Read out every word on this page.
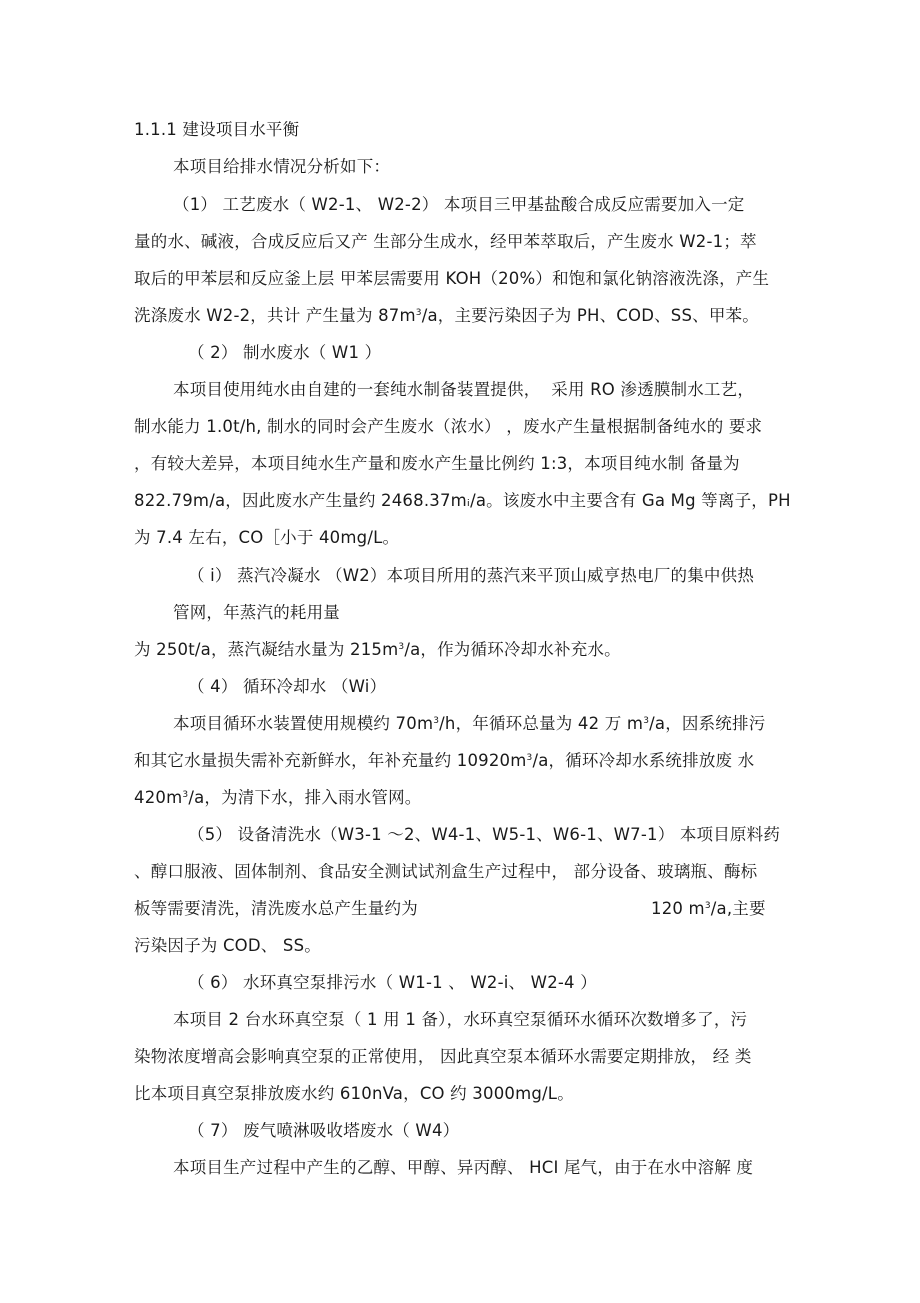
1.1.1 建设项目水平衡
本项目给排水情况分析如下：
（1） 工艺废水（ W2-1、 W2-2） 本项目三甲基盐酸合成反应需要加入一定
量的水、碱液，合成反应后又产 生部分生成水，经甲苯萃取后，产生废水 W2-1；萃
取后的甲苯层和反应釜上层 甲苯层需要用 KOH（20%）和饱和氯化钠溶液洗涤，产生
洗涤废水 W2-2，共计 产生量为 $87m^3/a$，主要污染因子为 PH、COD、SS、甲苯。
（ 2） 制水废水（ W1 ）
本项目使用纯水由自建的一套纯水制备装置提供，  采用 RO 渗透膜制水工艺，
制水能力 1.0t/h, 制水的同时会产生废水（浓水） ，废水产生量根据制备纯水的 要求
，有较大差异，本项目纯水生产量和废水产生量比例约 1:3，本项目纯水制 备量为
822.79m/a，因此废水产生量约 2468.37mᵢ/a。该废水中主要含有 Ga Mg 等离子，PH
为 7.4 左右，CO［小于 40mg/L。
（ i） 蒸汽冷凝水 （W2）本项目所用的蒸汽来平顶山威亨热电厂的集中供热
管网，年蒸汽的耗用量
为 250t/a，蒸汽凝结水量为 $215m^3/a$，作为循环冷却水补充水。
（ 4） 循环冷却水 （Wi）
本项目循环水装置使用规模约 $70m^3/h$，年循环总量为 42 万 $m^3/a$，因系统排污
和其它水量损失需补充新鲜水，年补充量约 $10920m^3/a$，循环冷却水系统排放废 水
$420m^3/a$，为清下水，排入雨水管网。
（5） 设备清洗水（W3-1 〜2、W4-1、W5-1、W6-1、W7-1） 本项目原料药
、醇口服液、固体制剂、食品安全测试试剂盒生产过程中， 部分设备、玻璃瓶、酶标
板等需要清洗，清洗废水总产生量约为	120 $m^3/a$,主要
污染因子为 COD、 SS。
（ 6） 水环真空泵排污水（ W1-1 、 W2-i、 W2-4 ）
本项目 2 台水环真空泵（ 1 用 1 备），水环真空泵循环水循环次数增多了，污
染物浓度增高会影响真空泵的正常使用， 因此真空泵本循环水需要定期排放， 经 类
比本项目真空泵排放废水约 610nVa，CO 约 3000mg/L。
（ 7） 废气喷淋吸收塔废水（ W4）
本项目生产过程中产生的乙醇、甲醇、异丙醇、 HCI 尾气，由于在水中溶解 度
